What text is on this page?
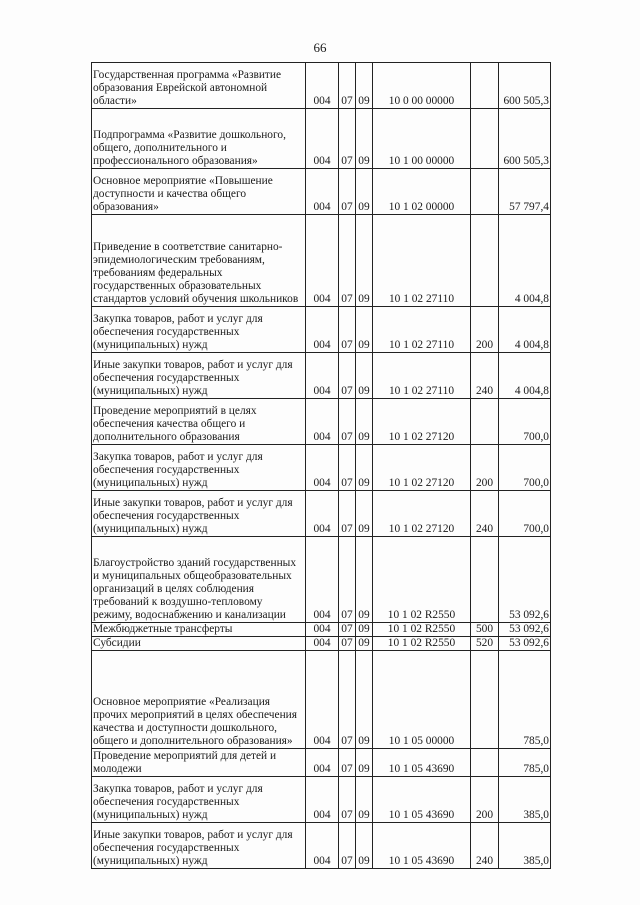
66
Государственная программа «Развитие образования Еврейской автономной области»	004	07	09	10 0 00 00000		600 505,3
Подпрограмма «Развитие дошкольного, общего, дополнительного и профессионального образования»	004	07	09	10 1 00 00000		600 505,3
Основное мероприятие «Повышение доступности и качества общего образования»	004	07	09	10 1 02 00000		57 797,4
Приведение в соответствие санитарно-эпидемиологическим требованиям, требованиям федеральных государственных образовательных стандартов условий обучения школьников	004	07	09	10 1 02 27110		4 004,8
Закупка товаров, работ и услуг для обеспечения государственных (муниципальных) нужд	004	07	09	10 1 02 27110	200	4 004,8
Иные закупки товаров, работ и услуг для обеспечения государственных (муниципальных) нужд	004	07	09	10 1 02 27110	240	4 004,8
Проведение мероприятий в целях обеспечения качества общего и дополнительного образования	004	07	09	10 1 02 27120		700,0
Закупка товаров, работ и услуг для обеспечения государственных (муниципальных) нужд	004	07	09	10 1 02 27120	200	700,0
Иные закупки товаров, работ и услуг для обеспечения государственных (муниципальных) нужд	004	07	09	10 1 02 27120	240	700,0
Благоустройство зданий государственных и муниципальных общеобразовательных организаций в целях соблюдения требований к воздушно-тепловому режиму, водоснабжению и канализации	004	07	09	10 1 02 R2550		53 092,6
Межбюджетные трансферты	004	07	09	10 1 02 R2550	500	53 092,6
Субсидии	004	07	09	10 1 02 R2550	520	53 092,6
Основное мероприятие «Реализация прочих мероприятий в целях обеспечения качества и доступности дошкольного, общего и дополнительного образования»	004	07	09	10 1 05 00000		785,0
Проведение мероприятий для детей и молодежи	004	07	09	10 1 05 43690		785,0
Закупка товаров, работ и услуг для обеспечения государственных (муниципальных) нужд	004	07	09	10 1 05 43690	200	385,0
Иные закупки товаров, работ и услуг для обеспечения государственных (муниципальных) нужд	004	07	09	10 1 05 43690	240	385,0
